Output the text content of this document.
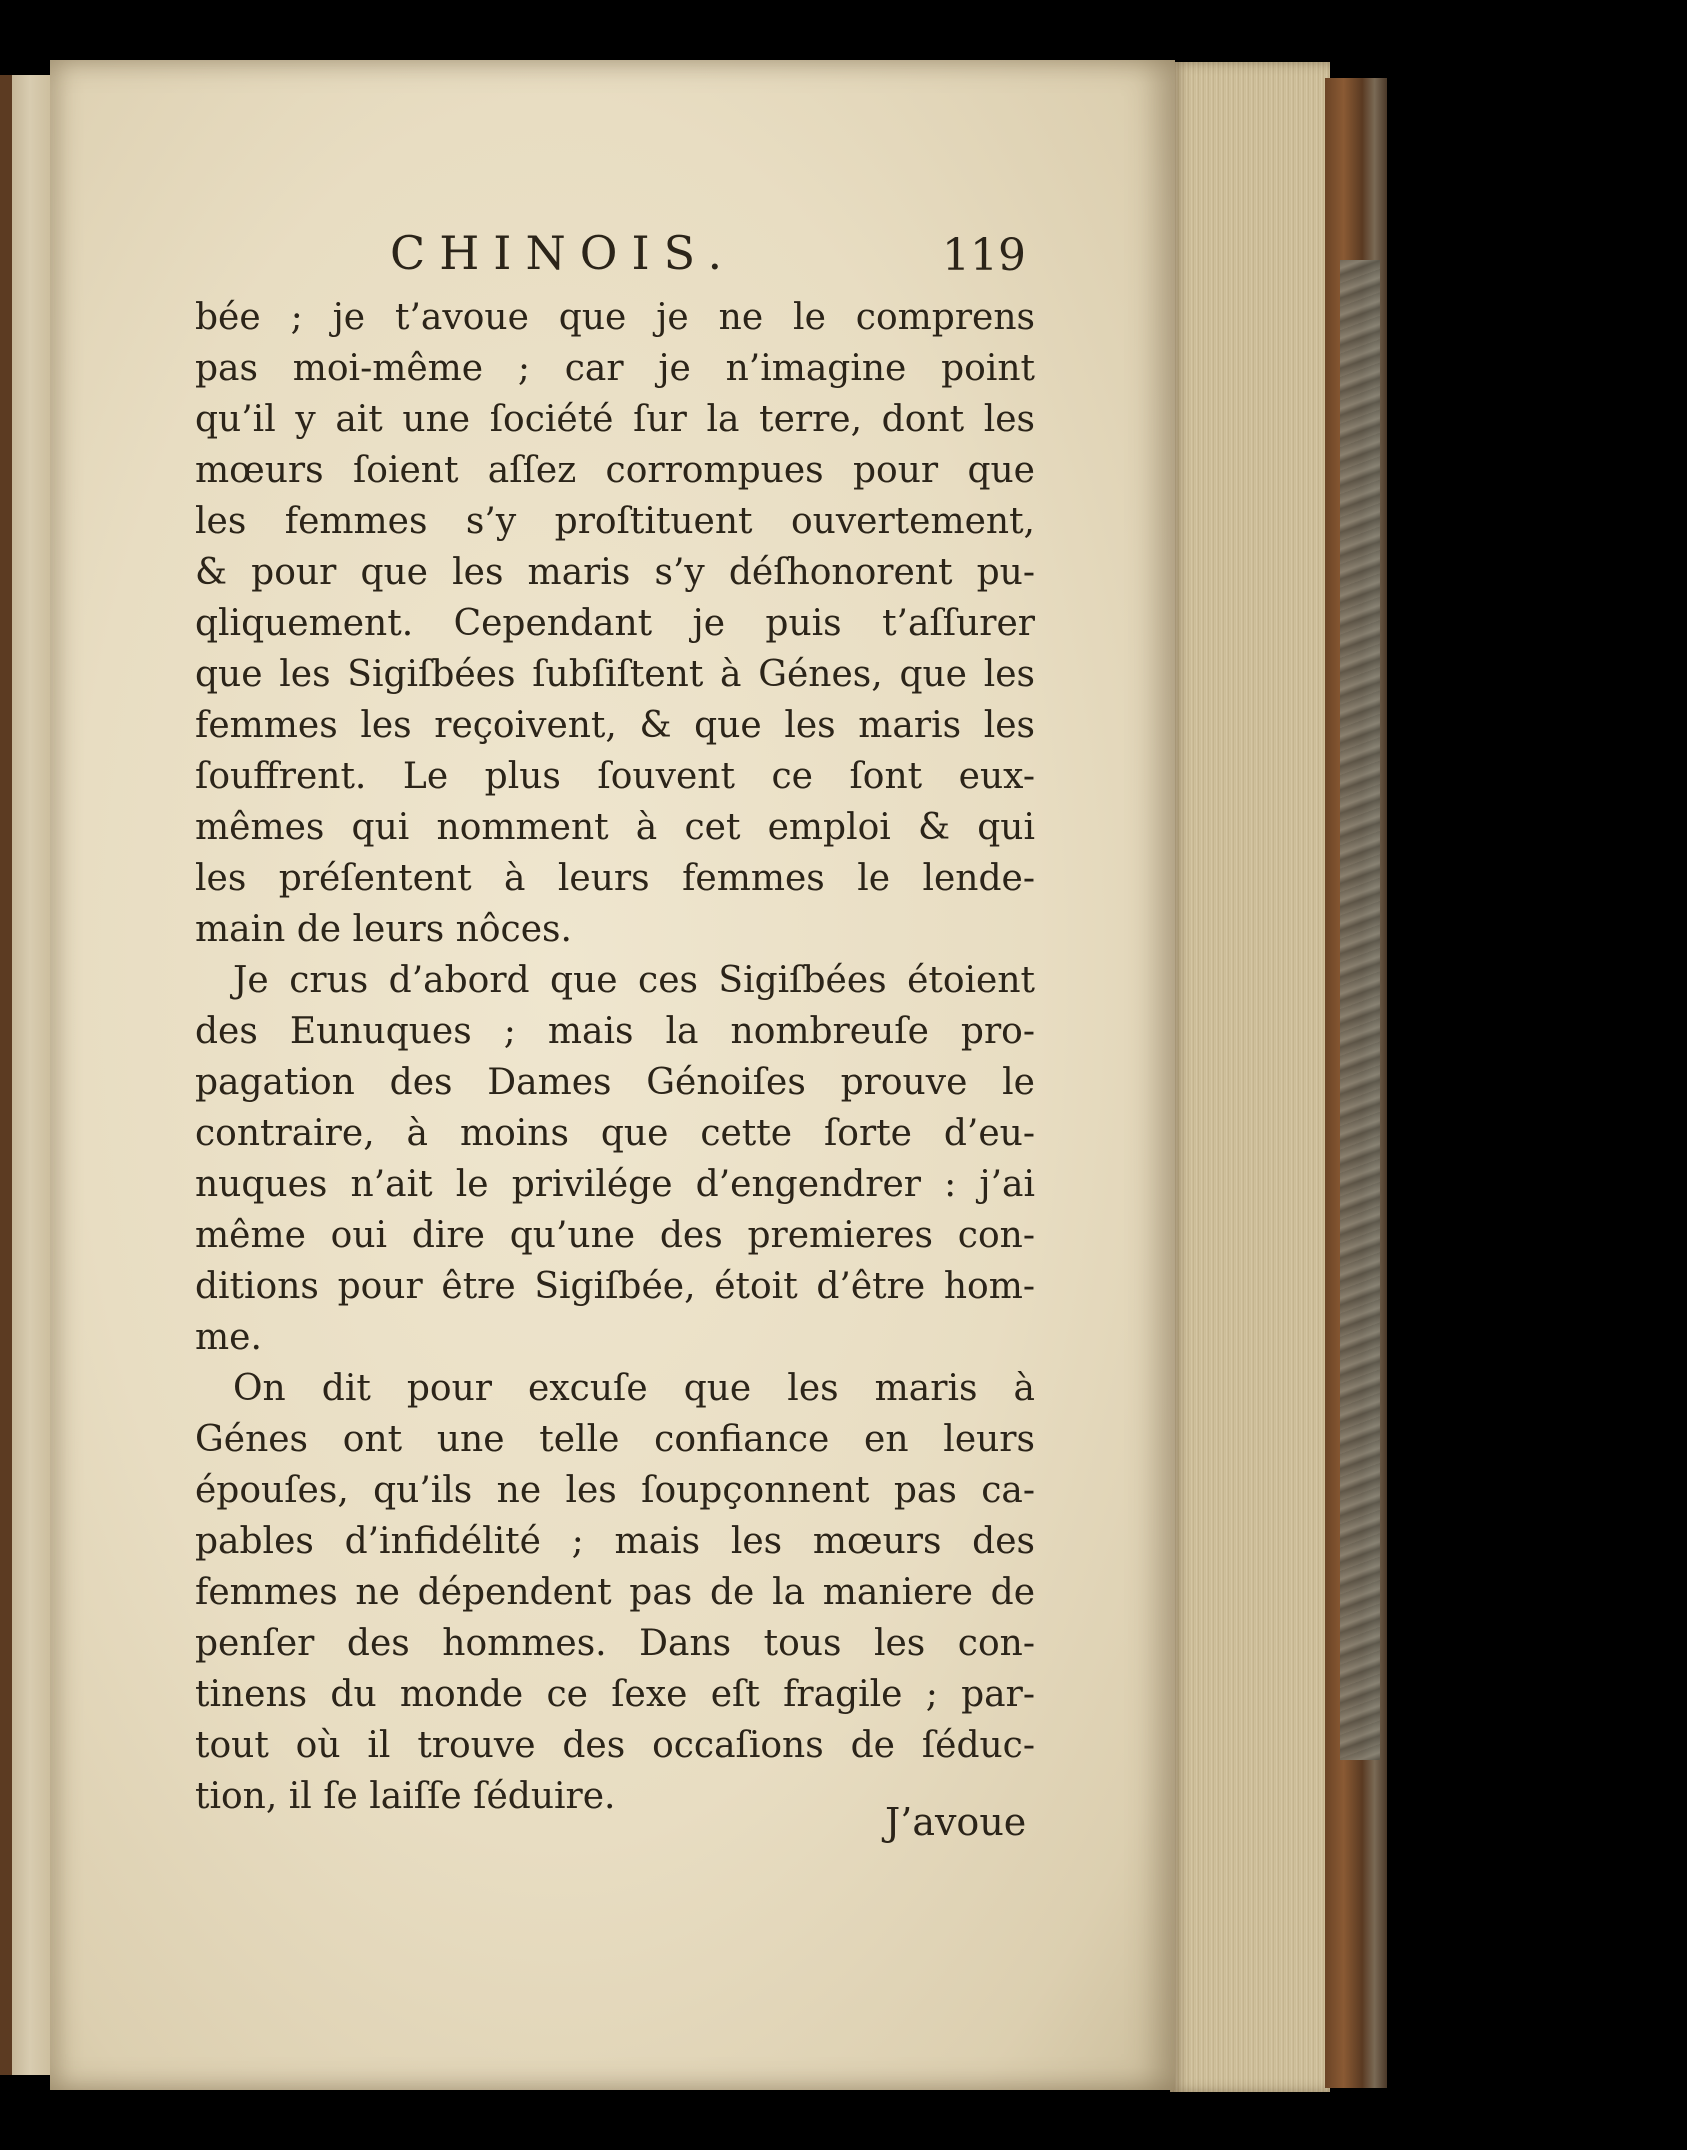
CHINOIS.	119
bée ; je t’avoue que je ne le comprens
pas moi-même ; car je n’imagine point
qu’il y ait une ſociété ſur la terre, dont les
mœurs ſoient aſſez corrompues pour que
les femmes s’y proſtituent ouvertement,
& pour que les maris s’y déſhonorent pu-
qliquement. Cependant je puis t’aſſurer
que les Sigiſbées ſubſiſtent à Génes, que les
femmes les reçoivent, & que les maris les
ſouffrent. Le plus ſouvent ce ſont eux-
mêmes qui nomment à cet emploi & qui
les préſentent à leurs femmes le lende-
main de leurs nôces.
Je crus d’abord que ces Sigiſbées étoient
des Eunuques ; mais la nombreuſe pro-
pagation des Dames Génoiſes prouve le
contraire, à moins que cette ſorte d’eu-
nuques n’ait le privilége d’engendrer : j’ai
même oui dire qu’une des premieres con-
ditions pour être Sigiſbée, étoit d’être hom-
me.
On dit pour excuſe que les maris à
Génes ont une telle confiance en leurs
épouſes, qu’ils ne les ſoupçonnent pas ca-
pables d’infidélité ; mais les mœurs des
femmes ne dépendent pas de la maniere de
penſer des hommes. Dans tous les con-
tinens du monde ce ſexe eſt fragile ; par-
tout où il trouve des occaſions de ſéduc-
tion, il ſe laiſſe ſéduire.
J’avoue
